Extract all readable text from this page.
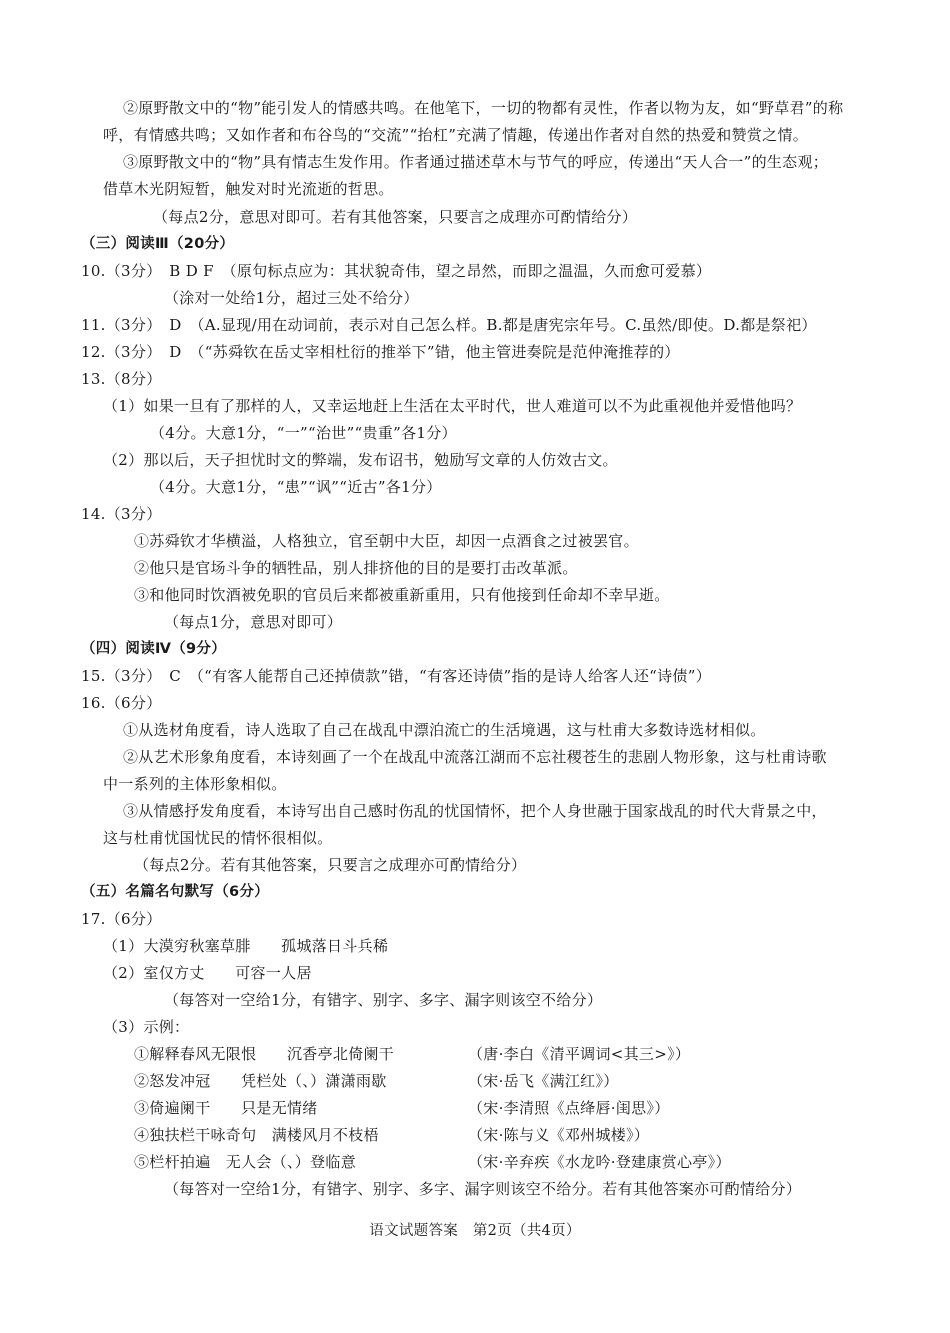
②原野散文中的“物”能引发人的情感共鸣。在他笔下，一切的物都有灵性，作者以物为友，如“野草君”的称
呼，有情感共鸣；又如作者和布谷鸟的“交流”“抬杠”充满了情趣，传递出作者对自然的热爱和赞赏之情。
③原野散文中的“物”具有情志生发作用。作者通过描述草木与节气的呼应，传递出“天人合一”的生态观；
借草木光阴短暂，触发对时光流逝的哲思。
（每点2分，意思对即可。若有其他答案，只要言之成理亦可酌情给分）
（三）阅读Ⅲ（20分）
10.（3分）　B D F　（原句标点应为：其状貌奇伟，望之昂然，而即之温温，久而愈可爱慕）
（涂对一处给1分，超过三处不给分）
11.（3分）　D　（A.显现/用在动词前，表示对自己怎么样。B.都是唐宪宗年号。C.虽然/即使。D.都是祭祀）
12.（3分）　D　（“苏舜钦在岳丈宰相杜衍的推举下”错，他主管进奏院是范仲淹推荐的）
13.（8分）
（1）如果一旦有了那样的人，又幸运地赶上生活在太平时代，世人难道可以不为此重视他并爱惜他吗？
（4分。大意1分，“一”“治世”“贵重”各1分）
（2）那以后，天子担忧时文的弊端，发布诏书，勉励写文章的人仿效古文。
（4分。大意1分，“患”“讽”“近古”各1分）
14.（3分）
①苏舜钦才华横溢，人格独立，官至朝中大臣，却因一点酒食之过被罢官。
②他只是官场斗争的牺牲品，别人排挤他的目的是要打击改革派。
③和他同时饮酒被免职的官员后来都被重新重用，只有他接到任命却不幸早逝。
（每点1分，意思对即可）
（四）阅读Ⅳ（9分）
15.（3分）　C　（“有客人能帮自己还掉债款”错，“有客还诗债”指的是诗人给客人还“诗债”）
16.（6分）
①从选材角度看，诗人选取了自己在战乱中漂泊流亡的生活境遇，这与杜甫大多数诗选材相似。
②从艺术形象角度看，本诗刻画了一个在战乱中流落江湖而不忘社稷苍生的悲剧人物形象，这与杜甫诗歌
中一系列的主体形象相似。
③从情感抒发角度看，本诗写出自己感时伤乱的忧国情怀，把个人身世融于国家战乱的时代大背景之中，
这与杜甫忧国忧民的情怀很相似。
（每点2分。若有其他答案，只要言之成理亦可酌情给分）
（五）名篇名句默写（6分）
17.（6分）
（1）大漠穷秋塞草腓　　孤城落日斗兵稀
（2）室仅方丈　　可容一人居
（每答对一空给1分，有错字、别字、多字、漏字则该空不给分）
（3）示例：
①解释春风无限恨　　沉香亭北倚阑干	（唐·李白《清平调词<其三>》）
②怒发冲冠　　凭栏处（、）潇潇雨歇	（宋·岳飞《满江红》）
③倚遍阑干　　只是无情绪	（宋·李清照《点绛唇·闺思》）
④独扶栏干咏奇句　满楼风月不枝梧	（宋·陈与义《邓州城楼》）
⑤栏杆拍遍　无人会（、）登临意	（宋·辛弃疾《水龙吟·登建康赏心亭》）
（每答对一空给1分，有错字、别字、多字、漏字则该空不给分。若有其他答案亦可酌情给分）
语文试题答案　第2页（共4页）
